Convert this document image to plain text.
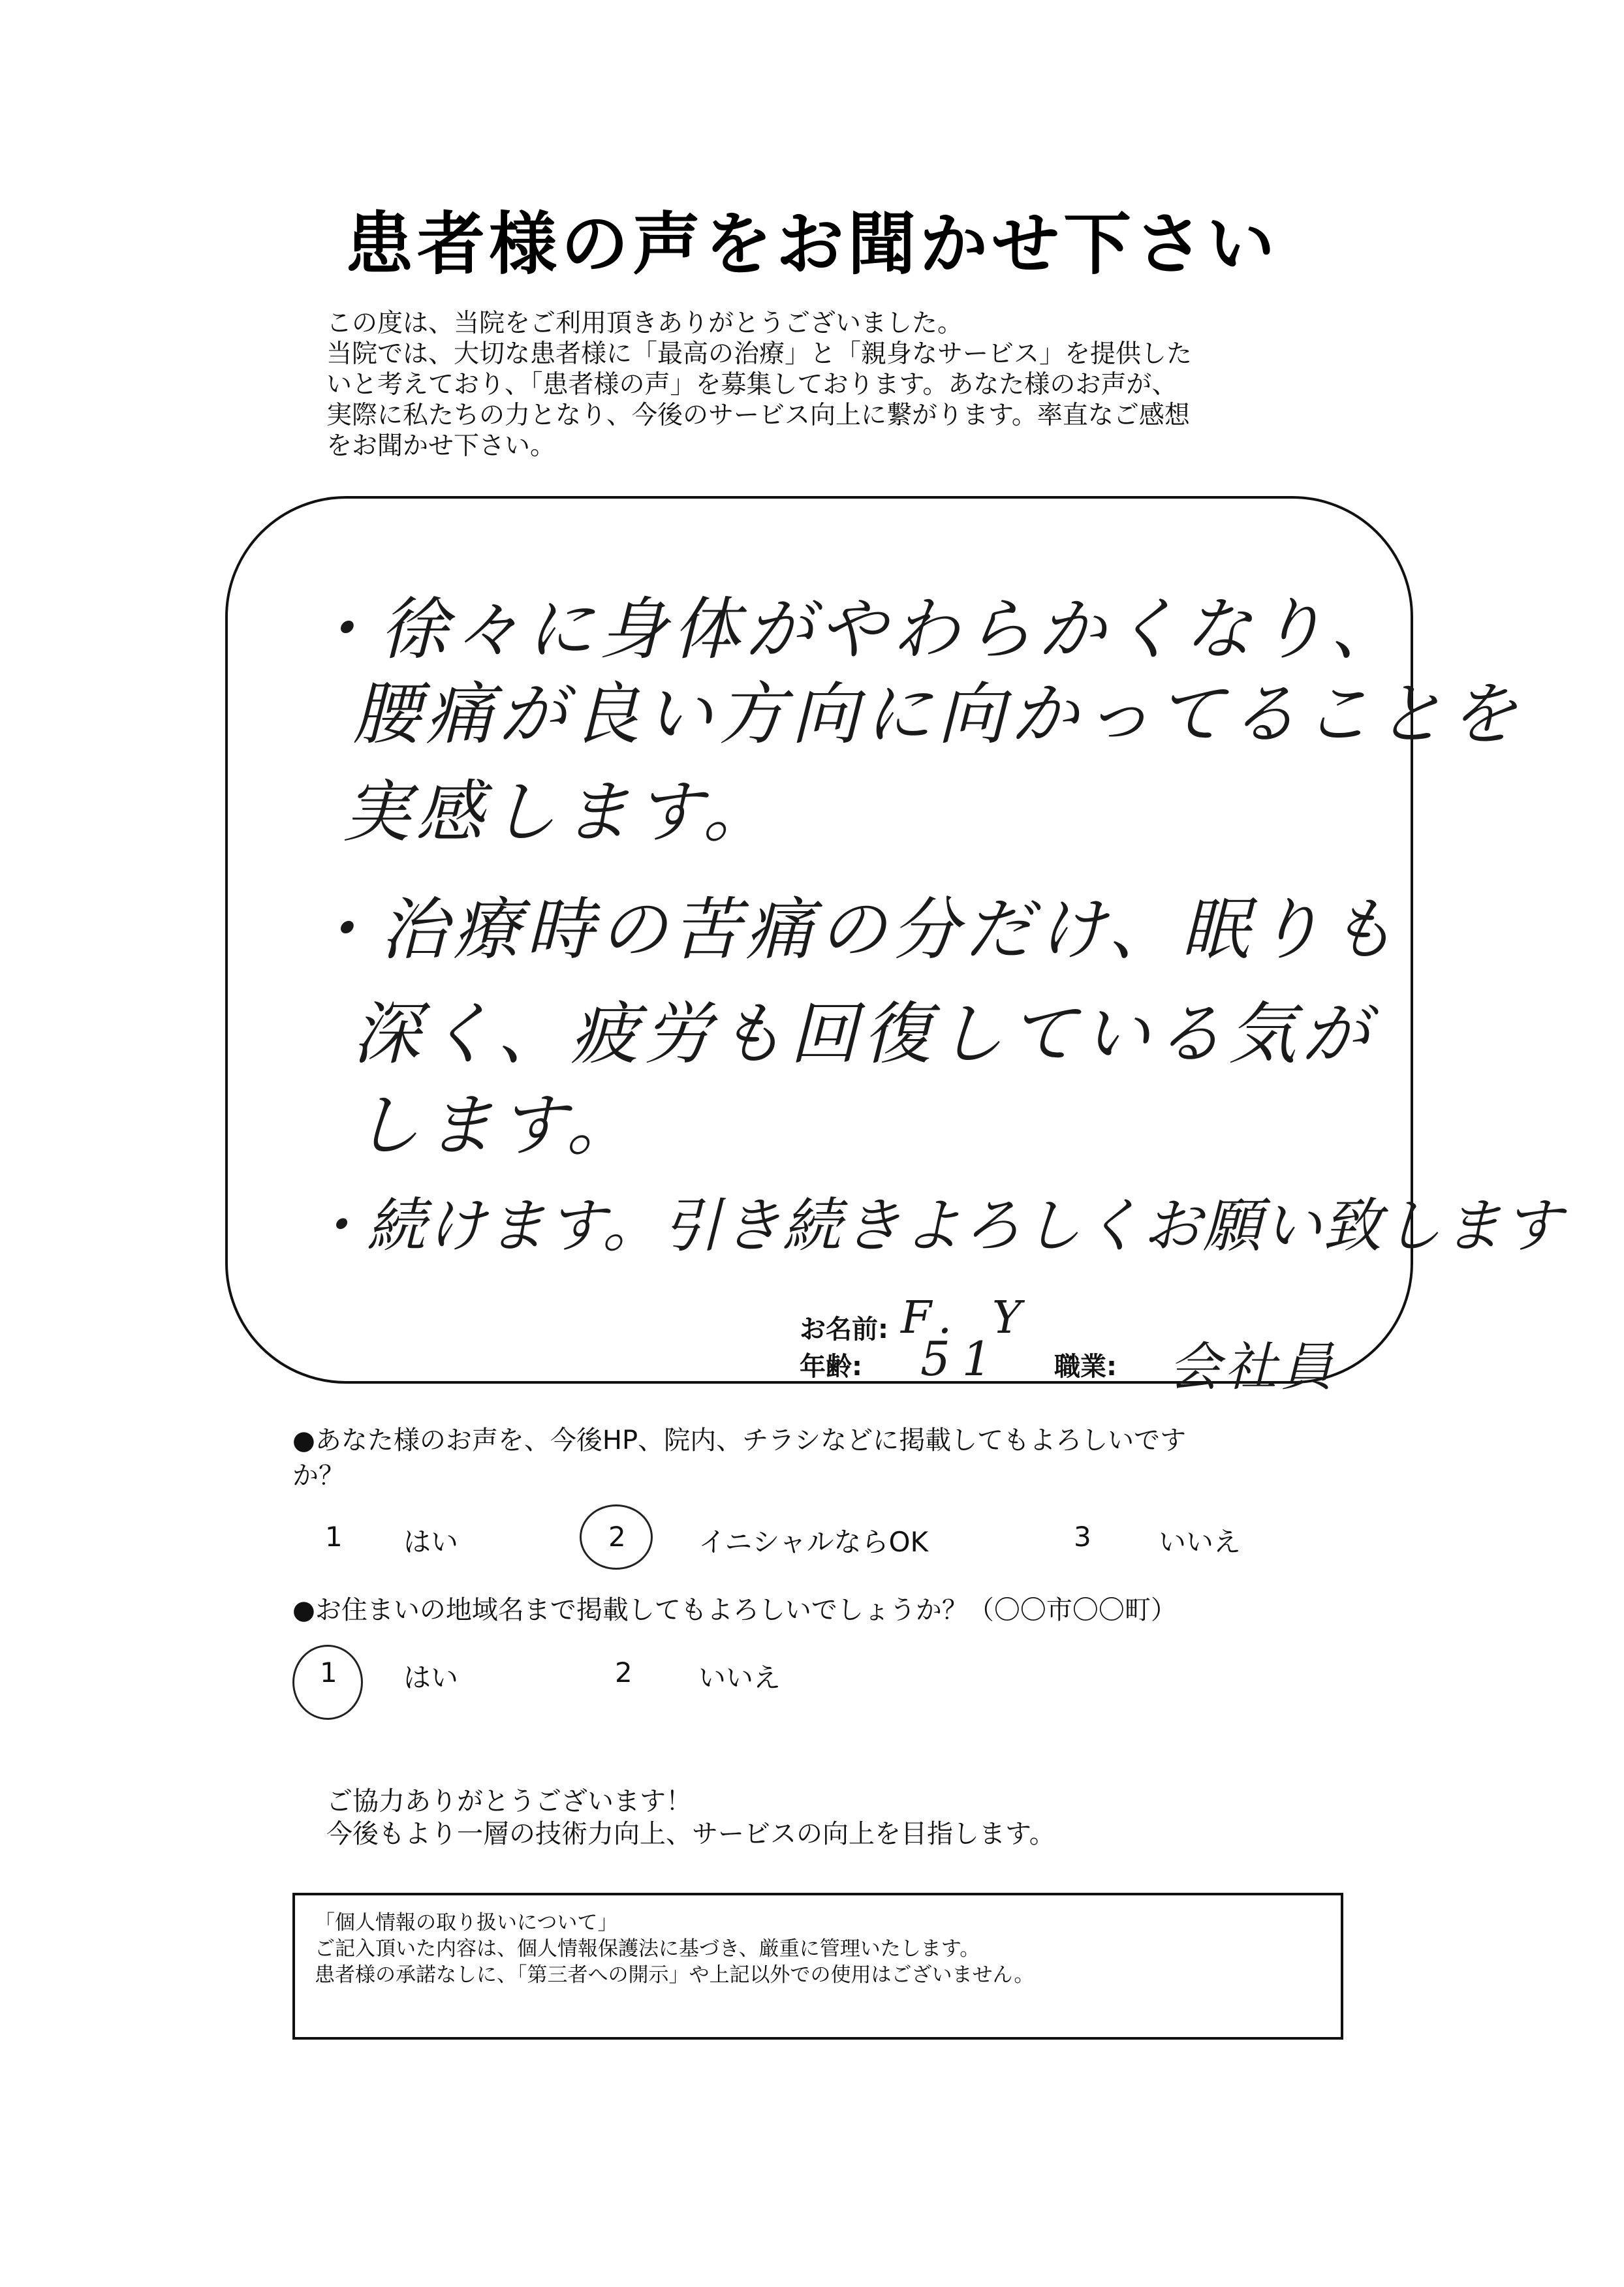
患者様の声をお聞かせ下さい
この度は、当院をご利用頂きありがとうございました。
当院では、大切な患者様に「最高の治療」と「親身なサービス」を提供した
いと考えており、「患者様の声」を募集しております。あなた様のお声が、
実際に私たちの力となり、今後のサービス向上に繋がります。率直なご感想
をお聞かせ下さい。
・徐々に身体がやわらかくなり、
腰痛が良い方向に向かってることを
実感します。
・治療時の苦痛の分だけ、眠りも
深く、疲労も回復している気が
します。
・続けます。引き続きよろしくお願い致します
お名前: F. Y
年齢: 51 職業: 会社員
●あなた様のお声を、今後HP、院内、チラシなどに掲載してもよろしいです
か？
1 はい	2	イニシャルならOK	3 いいえ
●お住まいの地域名まで掲載してもよろしいでしょうか？（〇〇市〇〇町）
1 はい	2 いいえ
ご協力ありがとうございます！
今後もより一層の技術力向上、サービスの向上を目指します。
「個人情報の取り扱いについて」
ご記入頂いた内容は、個人情報保護法に基づき、厳重に管理いたします。
患者様の承諾なしに、「第三者への開示」や上記以外での使用はございません。
